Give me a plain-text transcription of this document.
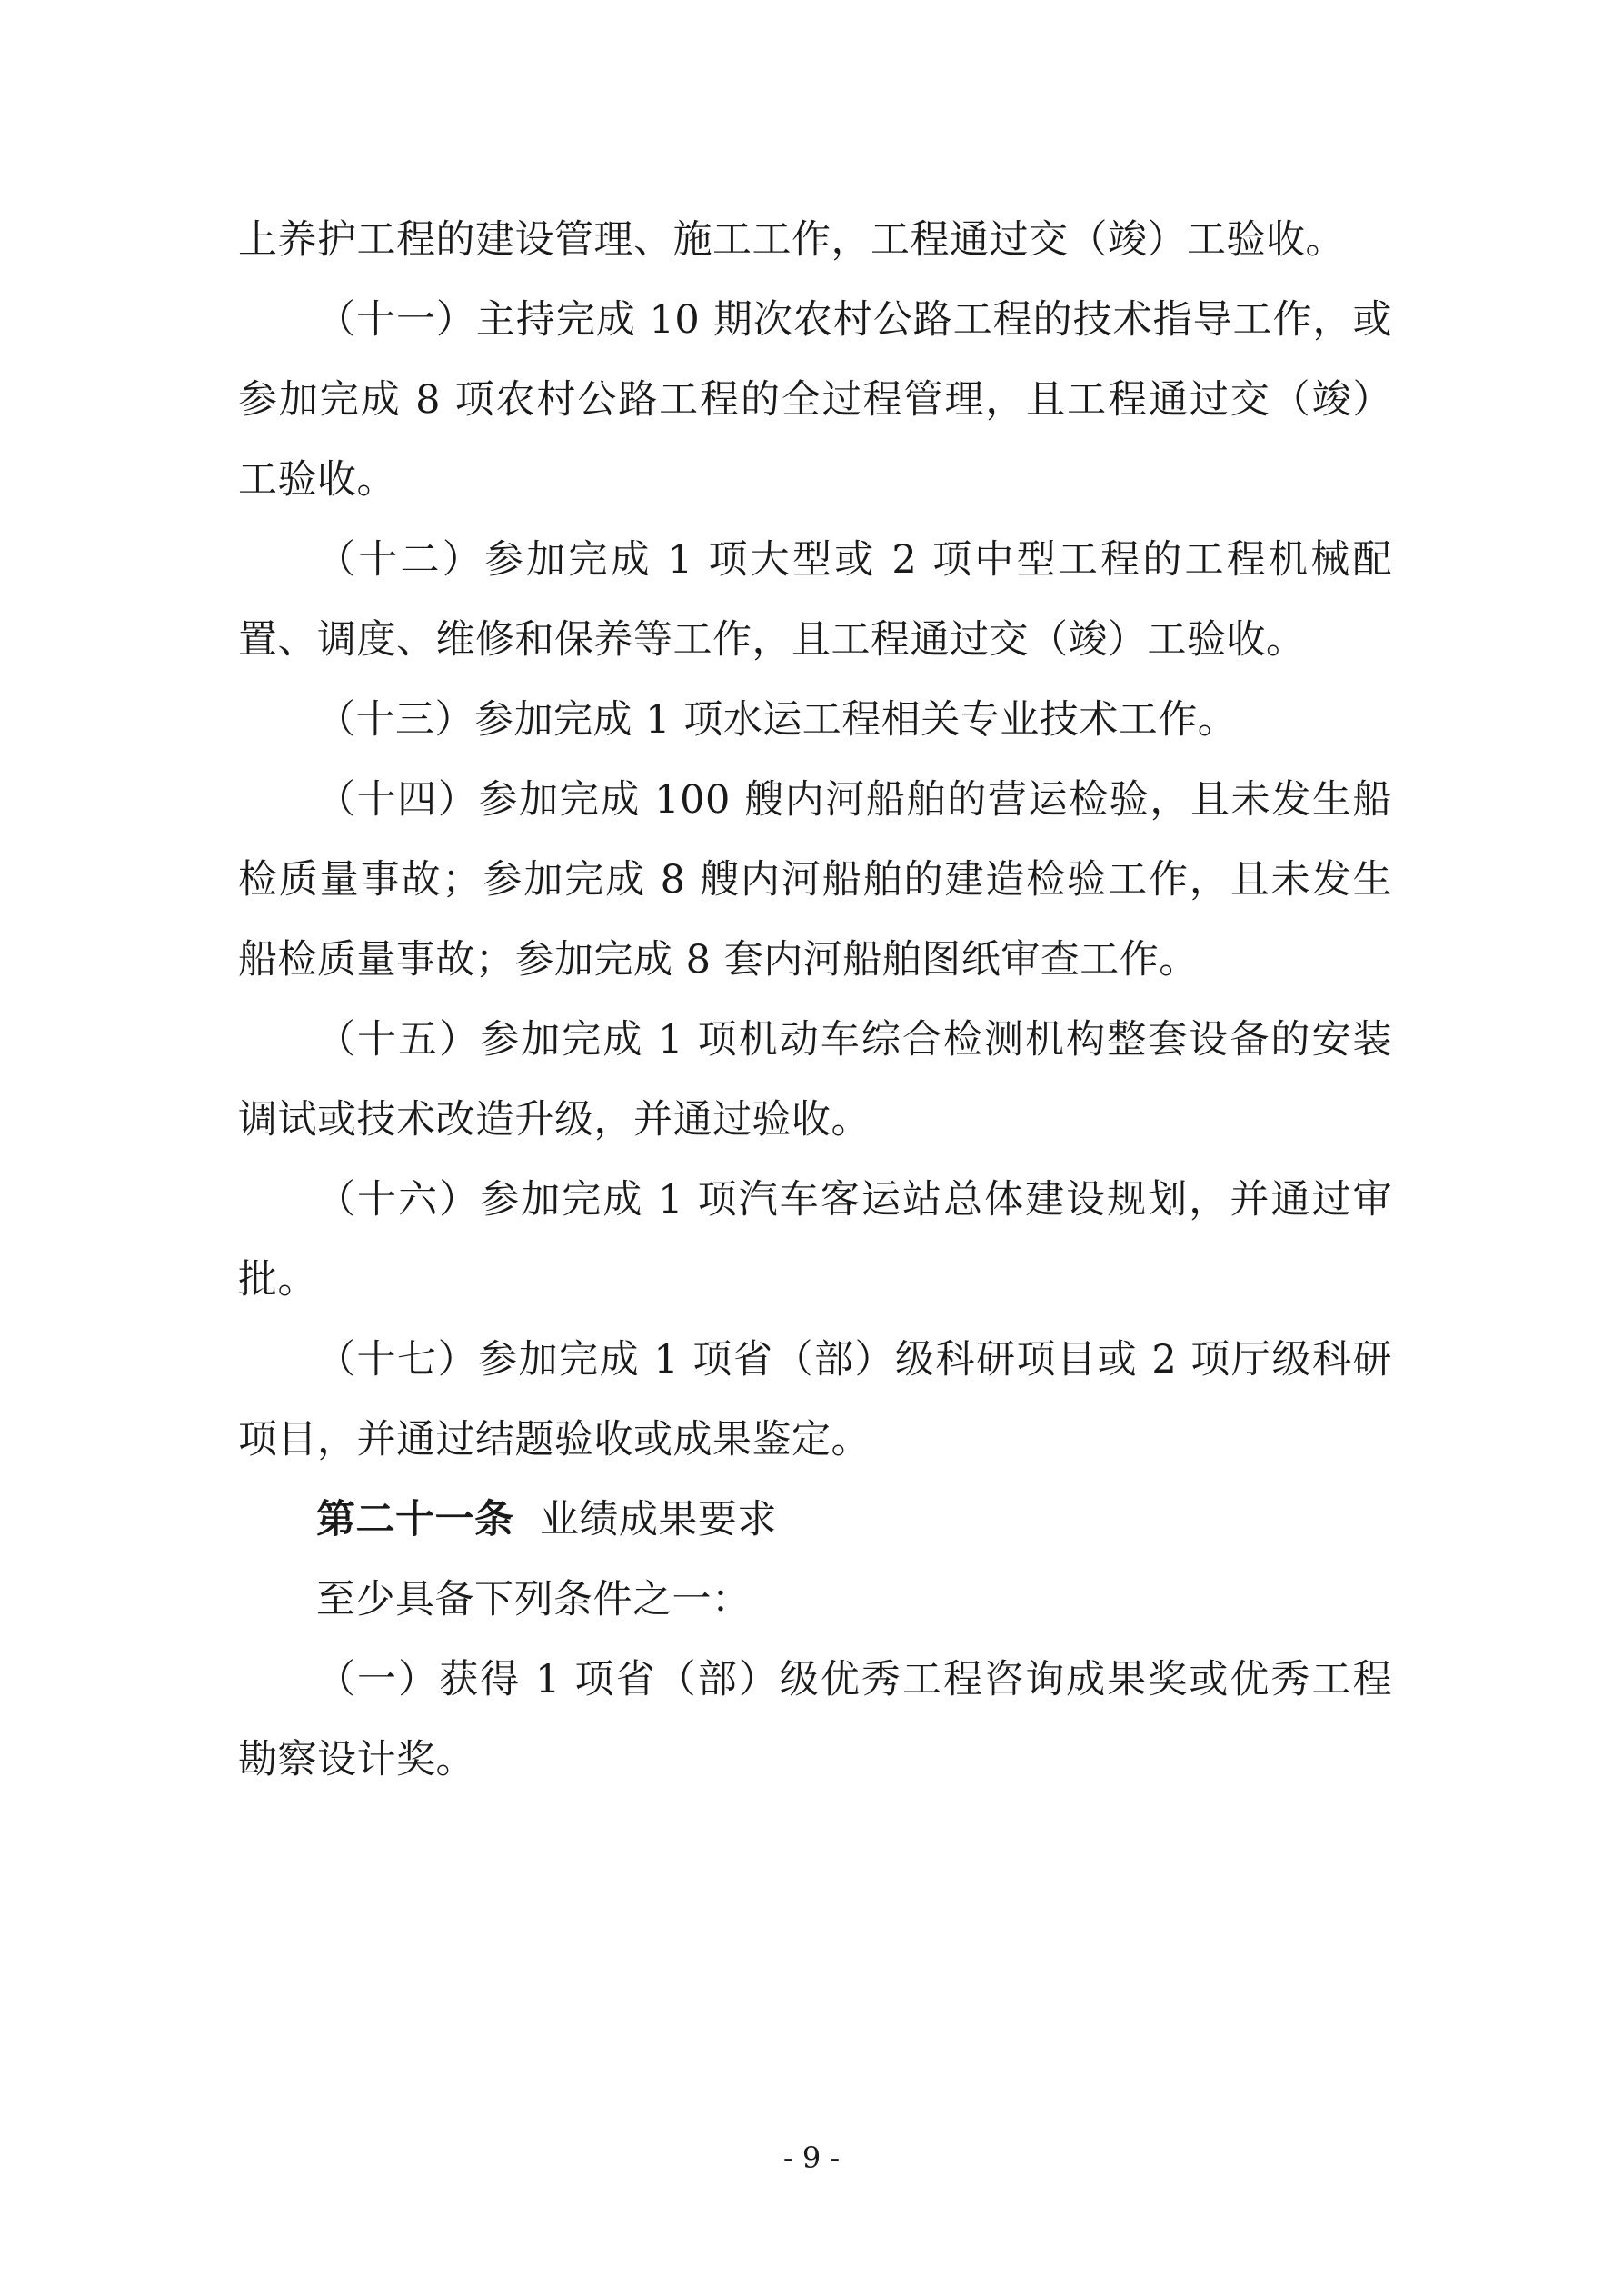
上养护工程的建设管理、施工工作，工程通过交（竣）工验收。

（十一）主持完成 10 期次农村公路工程的技术指导工作，或参加完成 8 项农村公路工程的全过程管理，且工程通过交（竣）工验收。

（十二）参加完成 1 项大型或 2 项中型工程的工程机械配置、调度、维修和保养等工作，且工程通过交（竣）工验收。

（十三）参加完成 1 项水运工程相关专业技术工作。

（十四）参加完成 100 艘内河船舶的营运检验，且未发生船检质量事故；参加完成 8 艘内河船舶的建造检验工作，且未发生船检质量事故；参加完成 8 套内河船舶图纸审查工作。

（十五）参加完成 1 项机动车综合检测机构整套设备的安装调试或技术改造升级，并通过验收。

（十六）参加完成 1 项汽车客运站总体建设规划，并通过审批。

（十七）参加完成 1 项省（部）级科研项目或 2 项厅级科研项目，并通过结题验收或成果鉴定。

第二十一条 业绩成果要求

至少具备下列条件之一：

（一）获得 1 项省（部）级优秀工程咨询成果奖或优秀工程勘察设计奖。

- 9 -
